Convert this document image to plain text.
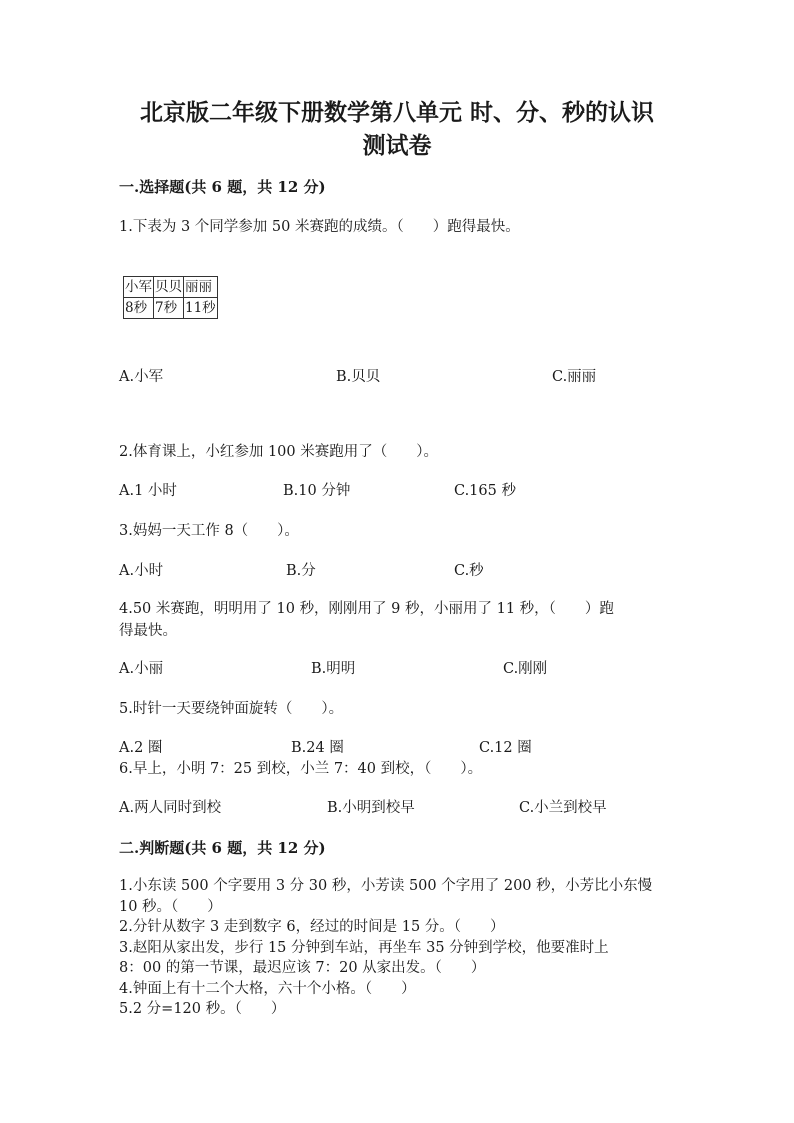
北京版二年级下册数学第八单元 时、分、秒的认识
测试卷
一.选择题(共 6 题，共 12 分)
1.下表为 3 个同学参加 50 米赛跑的成绩。（　　）跑得最快。
小军	贝贝	丽丽
8秒	7秒	11秒
A.小军	B.贝贝	C.丽丽
2.体育课上，小红参加 100 米赛跑用了（　　）。
A.1 小时	B.10 分钟	C.165 秒
3.妈妈一天工作 8（　　）。
A.小时	B.分	C.秒
4.50 米赛跑，明明用了 10 秒，刚刚用了 9 秒，小丽用了 11 秒，（　　）跑
得最快。
A.小丽	B.明明	C.刚刚
5.时针一天要绕钟面旋转（　　）。
A.2 圈	B.24 圈	C.12 圈
6.早上，小明 7：25 到校，小兰 7：40 到校，（　　）。
A.两人同时到校	B.小明到校早	C.小兰到校早
二.判断题(共 6 题，共 12 分)
1.小东读 500 个字要用 3 分 30 秒，小芳读 500 个字用了 200 秒，小芳比小东慢
10 秒。（　　）
2.分针从数字 3 走到数字 6，经过的时间是 15 分。（　　）
3.赵阳从家出发，步行 15 分钟到车站，再坐车 35 分钟到学校，他要准时上
8：00 的第一节课，最迟应该 7：20 从家出发。（　　）
4.钟面上有十二个大格，六十个小格。（　　）
5.2 分=120 秒。（　　）
